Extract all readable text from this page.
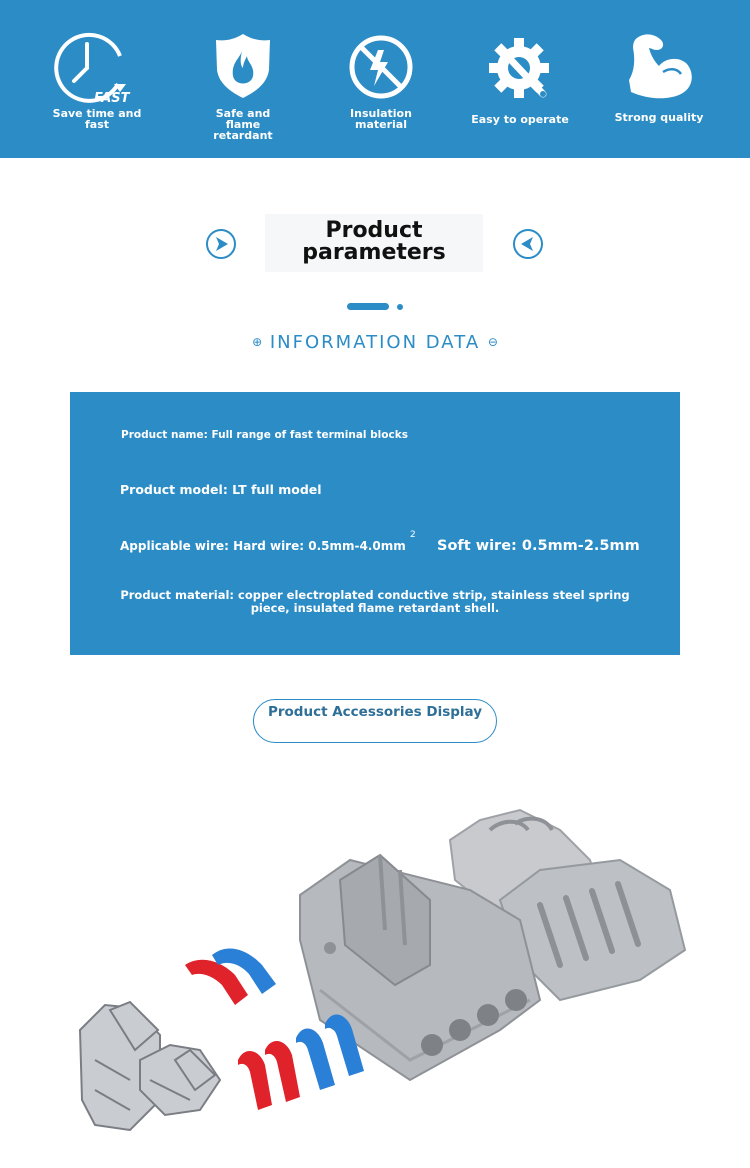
FAST
Save time and fast
Safe and flame retardant
Insulation material	Easy to operate	Strong quality
Product parameters
⊕ INFORMATION DATA ⊖
Product name: Full range of fast terminal blocks
Product model: LT full model
Applicable wire: Hard wire: 0.5mm-4.0mm
2
Soft wire: 0.5mm-2.5mm
Product material: copper electroplated conductive strip, stainless steel spring piece, insulated flame retardant shell.
Product Accessories Display
